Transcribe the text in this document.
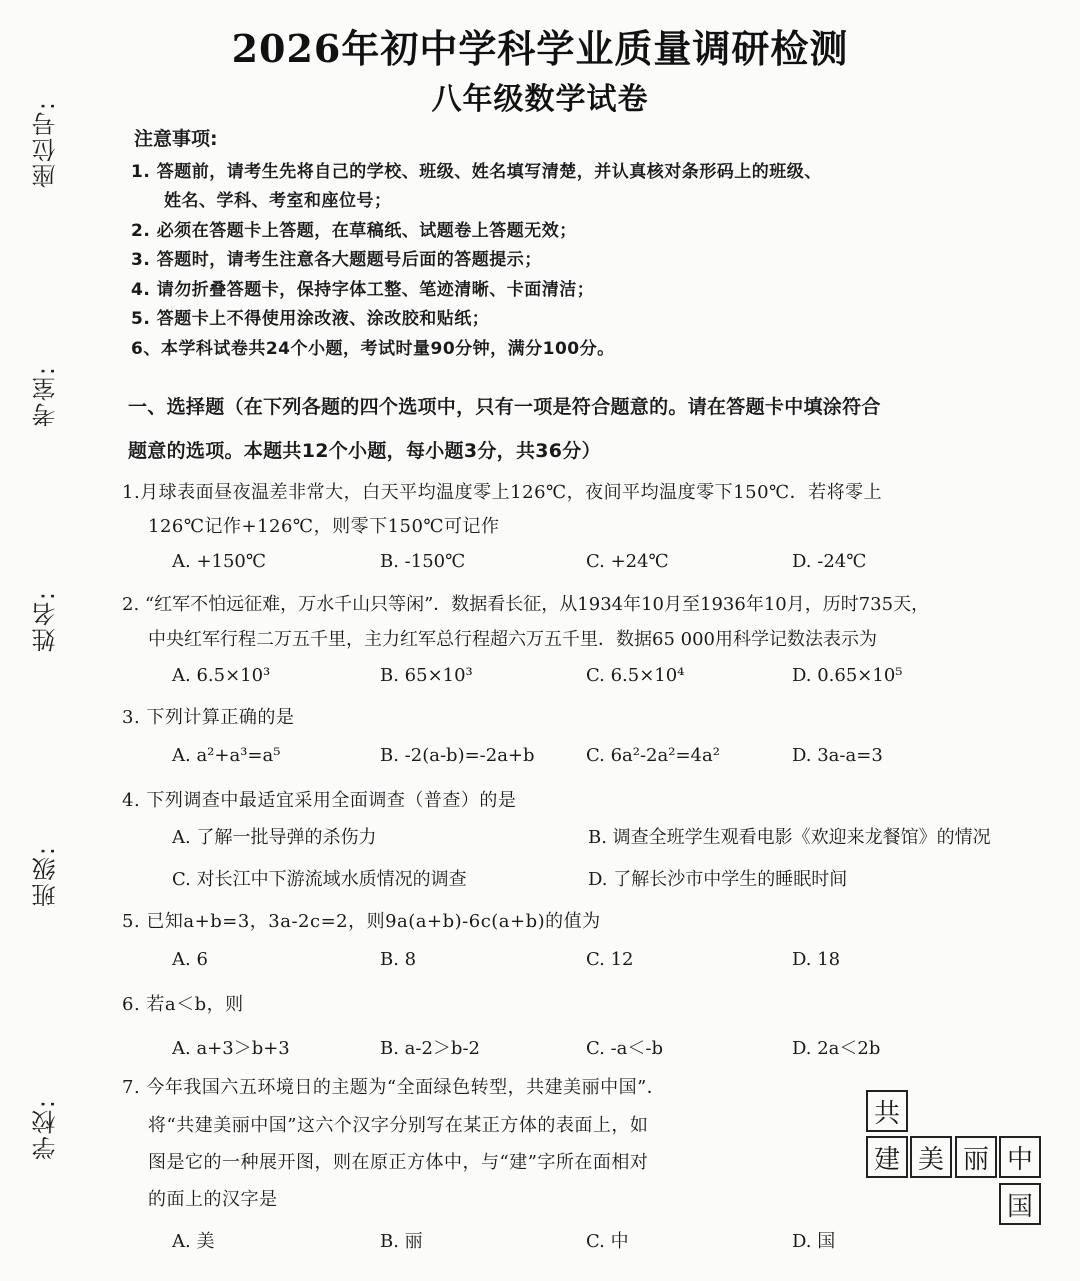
座位号:
考室:
姓名:
班级:
学校:
2026年初中学科学业质量调研检测
八年级数学试卷
注意事项:
1. 答题前，请考生先将自己的学校、班级、姓名填写清楚，并认真核对条形码上的班级、
姓名、学科、考室和座位号；
2. 必须在答题卡上答题，在草稿纸、试题卷上答题无效；
3. 答题时，请考生注意各大题题号后面的答题提示；
4. 请勿折叠答题卡，保持字体工整、笔迹清晰、卡面清洁；
5. 答题卡上不得使用涂改液、涂改胶和贴纸；
6、本学科试卷共24个小题，考试时量90分钟，满分100分。
一、选择题（在下列各题的四个选项中，只有一项是符合题意的。请在答题卡中填涂符合
题意的选项。本题共12个小题，每小题3分，共36分）
1.月球表面昼夜温差非常大，白天平均温度零上126℃，夜间平均温度零下150℃．若将零上
126℃记作+126℃，则零下150℃可记作
A. +150℃	B. -150℃	C. +24℃	D. -24℃
2. “红军不怕远征难，万水千山只等闲”．数据看长征，从1934年10月至1936年10月，历时735天，
中央红军行程二万五千里，主力红军总行程超六万五千里．数据65 000用科学记数法表示为
A. 6.5×10³	B. 65×10³	C. 6.5×10⁴	D. 0.65×10⁵
3. 下列计算正确的是
A. a²+a³=a⁵	B. -2(a-b)=-2a+b	C. 6a²-2a²=4a²	D. 3a-a=3
4. 下列调查中最适宜采用全面调查（普查）的是
A. 了解一批导弹的杀伤力	B. 调查全班学生观看电影《欢迎来龙餐馆》的情况
C. 对长江中下游流域水质情况的调查	D. 了解长沙市中学生的睡眠时间
5. 已知a+b=3，3a-2c=2，则9a(a+b)-6c(a+b)的值为
A. 6	B. 8	C. 12	D. 18
6. 若a＜b，则
A. a+3＞b+3	B. a-2＞b-2	C. -a＜-b	D. 2a＜2b
7. 今年我国六五环境日的主题为“全面绿色转型，共建美丽中国”．
将“共建美丽中国”这六个汉字分别写在某正方体的表面上，如
图是它的一种展开图，则在原正方体中，与“建”字所在面相对
的面上的汉字是
A. 美	B. 丽	C. 中	D. 国
共
建 美 丽 中
国
